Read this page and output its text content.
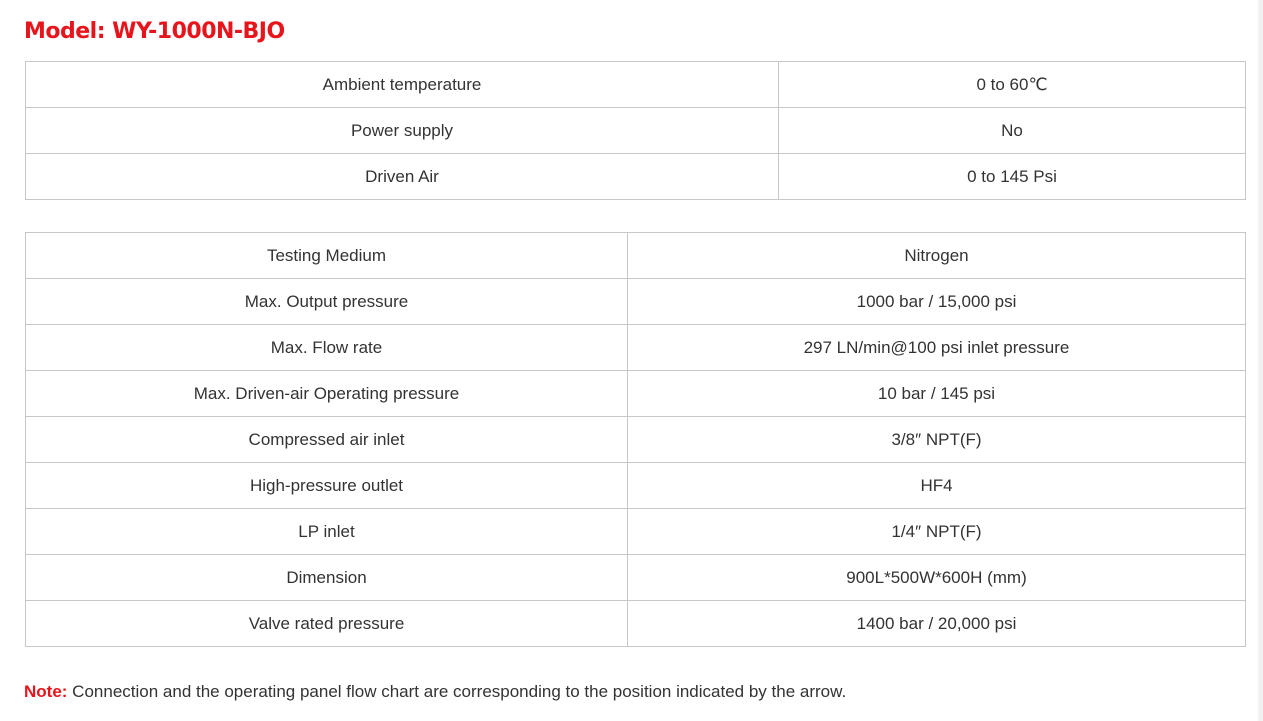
Model: WY-1000N-BJO
Ambient temperature	0 to 60℃
Power supply	No
Driven Air	0 to 145 Psi
Testing Medium	Nitrogen
Max. Output pressure	1000 bar / 15,000 psi
Max. Flow rate	297 LN/min@100 psi inlet pressure
Max. Driven-air Operating pressure	10 bar / 145 psi
Compressed air inlet	3/8″ NPT(F)
High-pressure outlet	HF4
LP inlet	1/4″ NPT(F)
Dimension	900L*500W*600H (mm)
Valve rated pressure	1400 bar / 20,000 psi
Note: Connection and the operating panel flow chart are corresponding to the position indicated by the arrow.
